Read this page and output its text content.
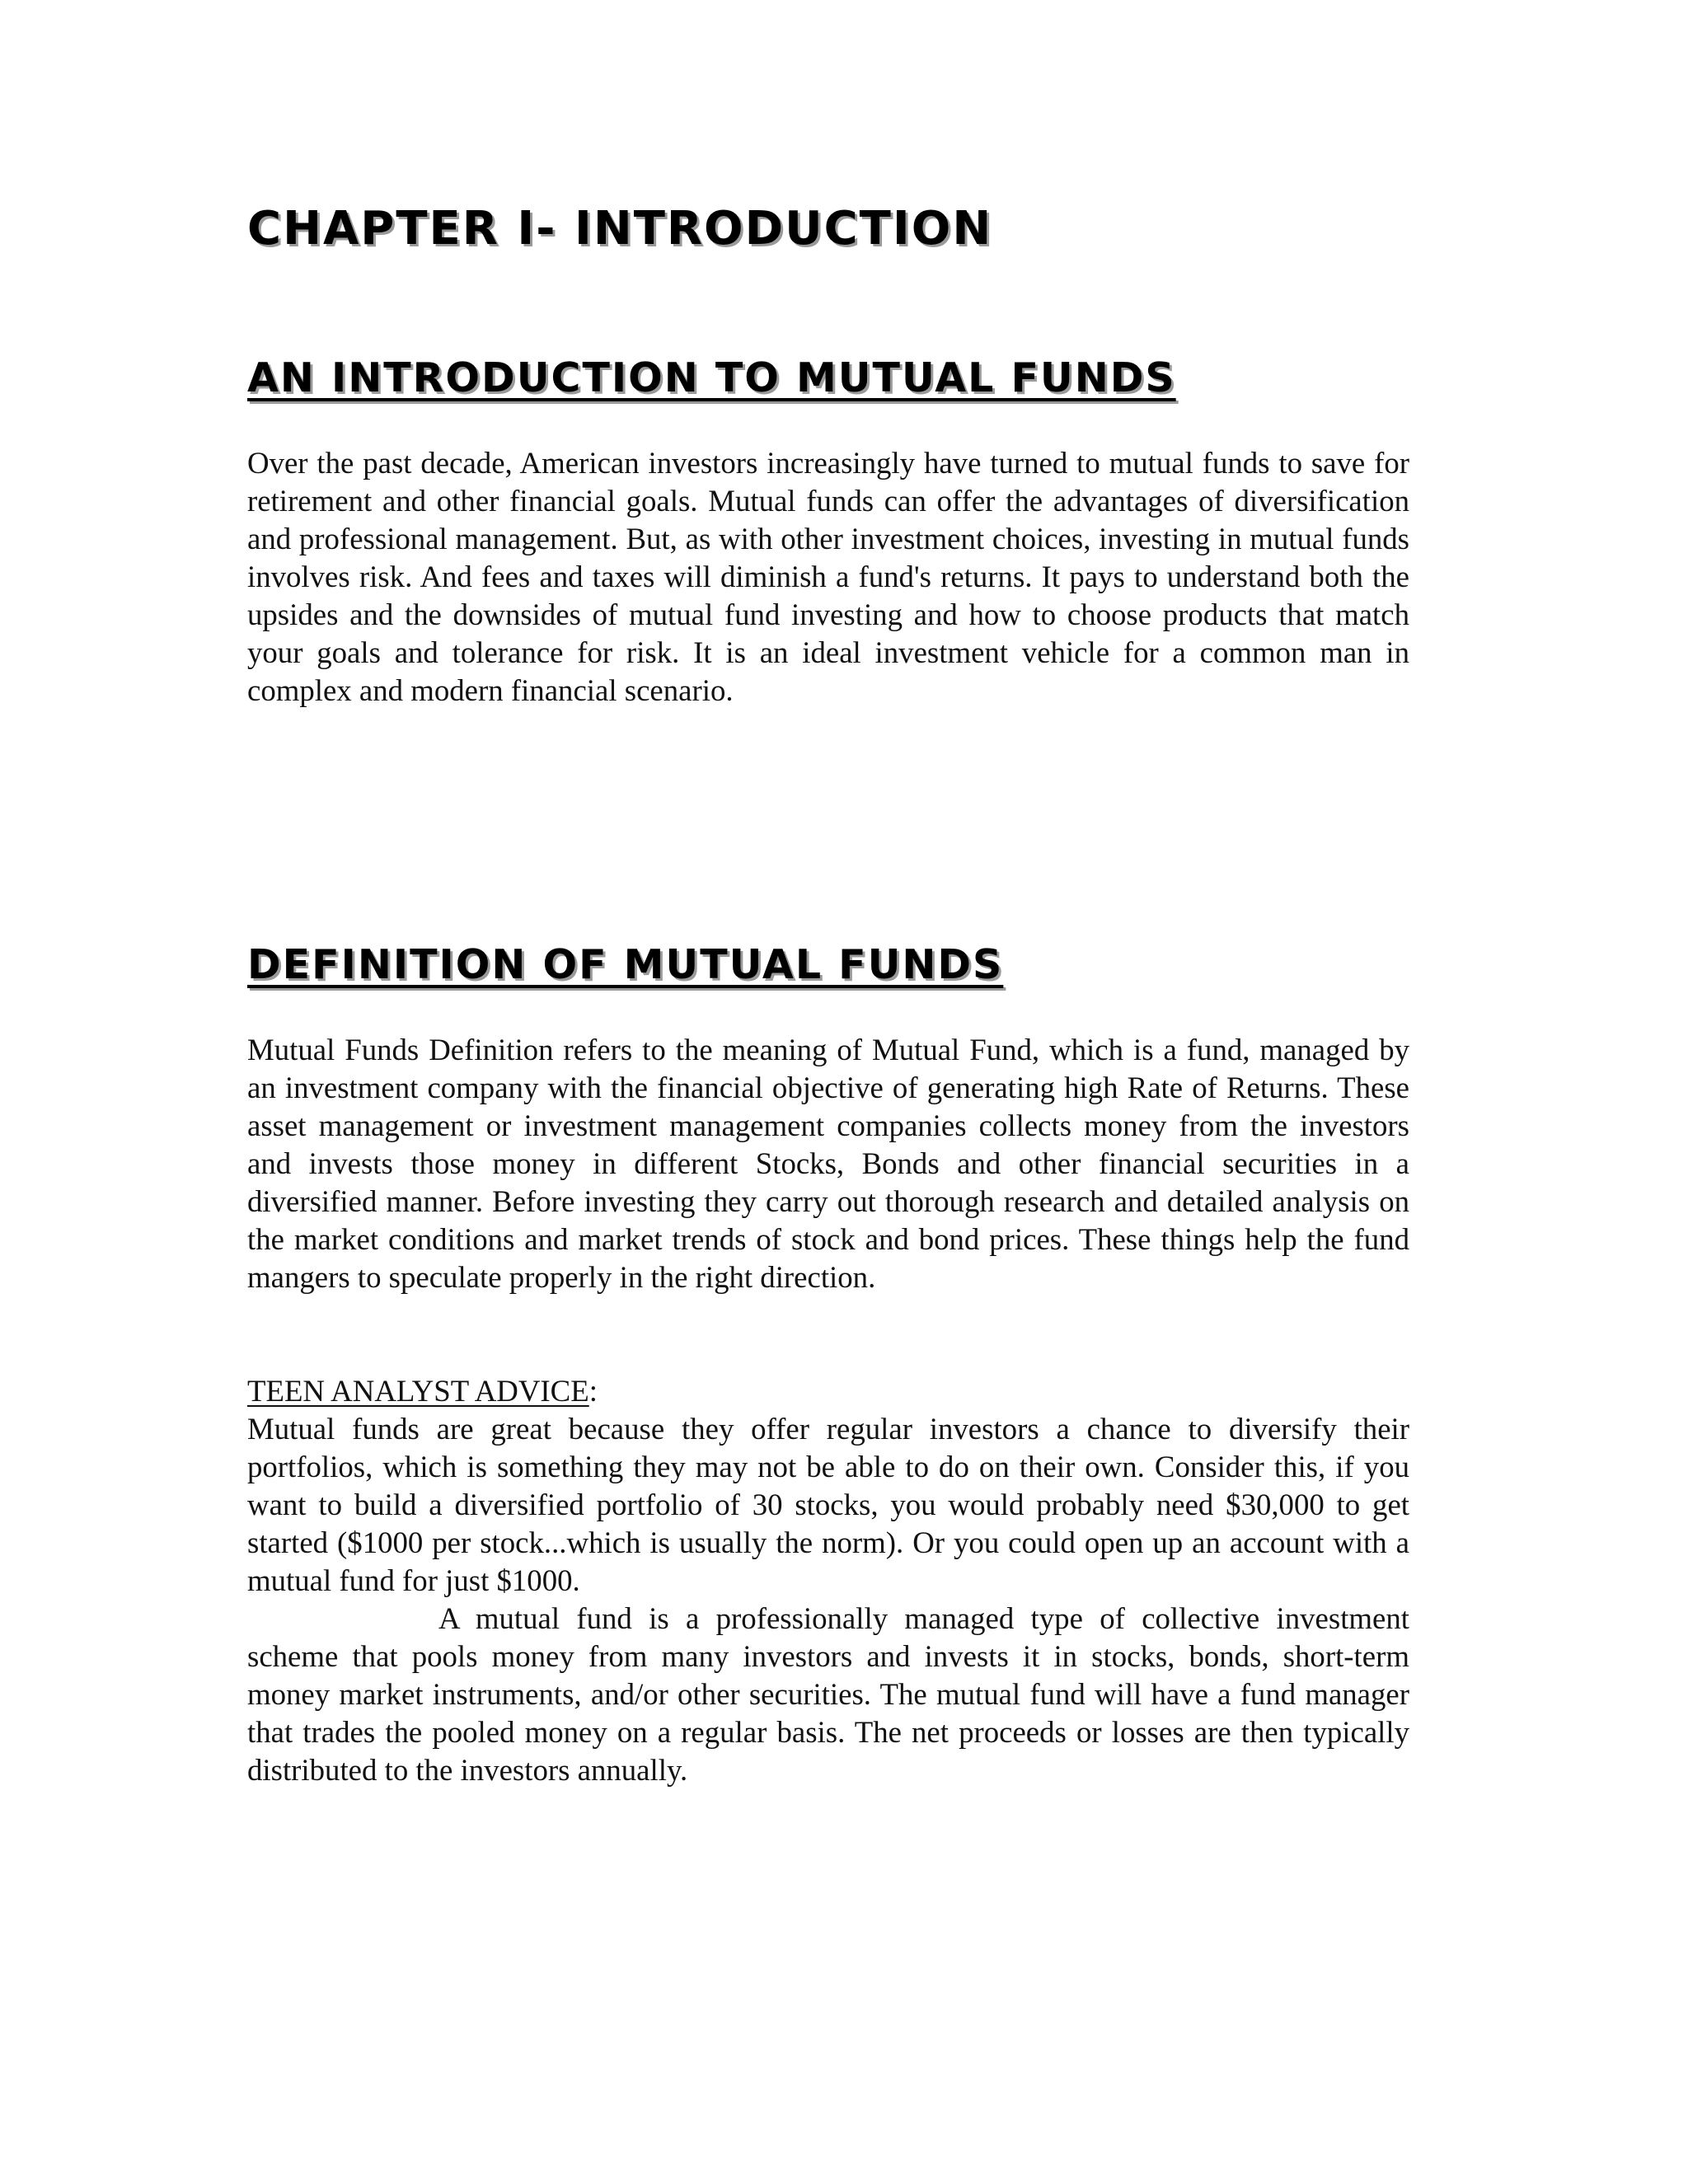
CHAPTER I- INTRODUCTION
AN INTRODUCTION TO MUTUAL FUNDS

Over the past decade, American investors increasingly have turned to mutual funds to save for retirement and other financial goals. Mutual funds can offer the advantages of diversification and professional management. But, as with other investment choices, investing in mutual funds involves risk. And fees and taxes will diminish a fund's returns. It pays to understand both the upsides and the downsides of mutual fund investing and how to choose products that match your goals and tolerance for risk. It is an ideal investment vehicle for a common man in complex and modern financial scenario.

DEFINITION OF MUTUAL FUNDS

Mutual Funds Definition refers to the meaning of Mutual Fund, which is a fund, managed by an investment company with the financial objective of generating high Rate of Returns. These asset management or investment management companies collects money from the investors and invests those money in different Stocks, Bonds and other financial securities in a diversified manner. Before investing they carry out thorough research and detailed analysis on the market conditions and market trends of stock and bond prices. These things help the fund mangers to speculate properly in the right direction.

TEEN ANALYST ADVICE:

Mutual funds are great because they offer regular investors a chance to diversify their portfolios, which is something they may not be able to do on their own. Consider this, if you want to build a diversified portfolio of 30 stocks, you would probably need $30,000 to get started ($1000 per stock...which is usually the norm). Or you could open up an account with a mutual fund for just $1000.

A mutual fund is a professionally managed type of collective investment scheme that pools money from many investors and invests it in stocks, bonds, short-term money market instruments, and/or other securities. The mutual fund will have a fund manager that trades the pooled money on a regular basis. The net proceeds or losses are then typically distributed to the investors annually.
